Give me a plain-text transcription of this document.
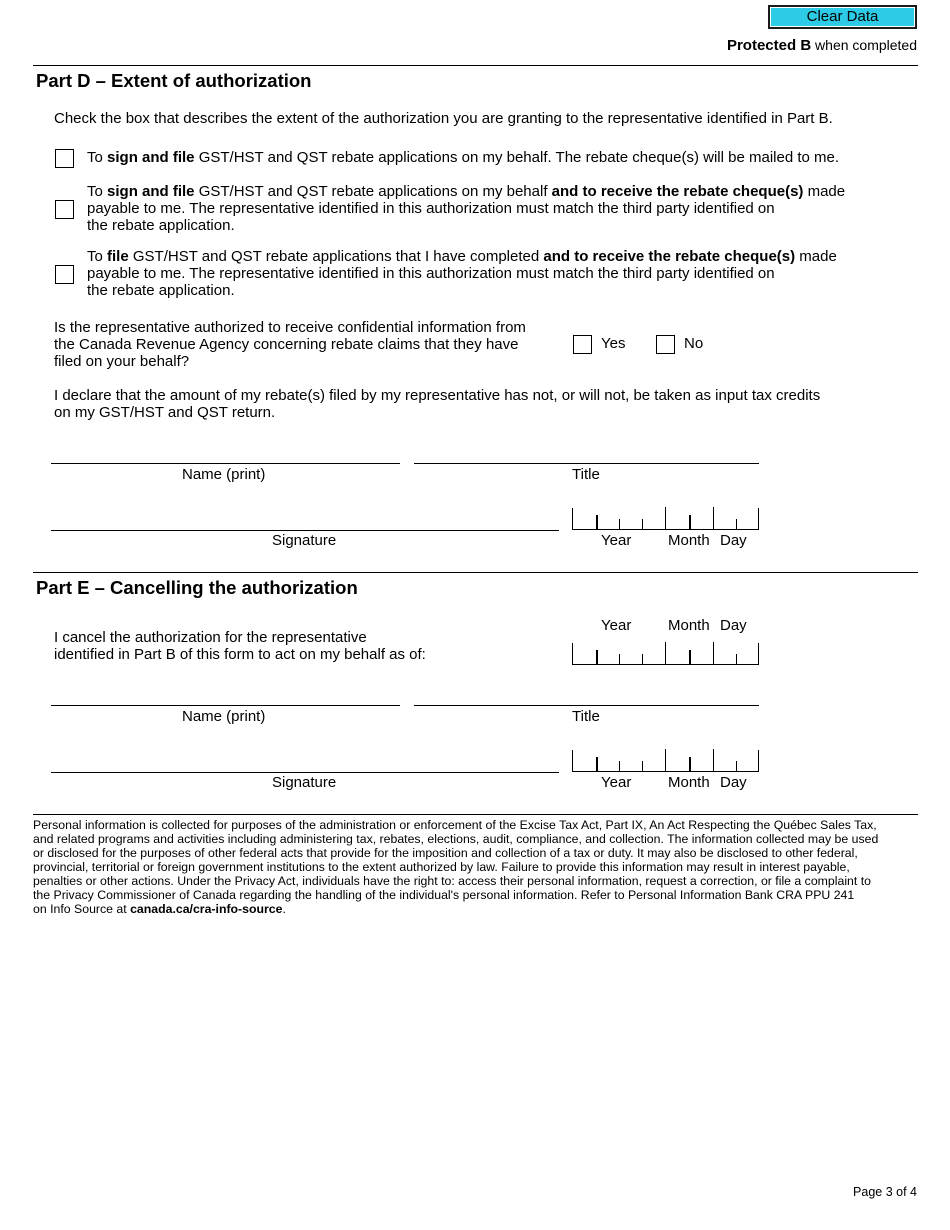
Clear Data
Protected B when completed
Part D – Extent of authorization
Check the box that describes the extent of the authorization you are granting to the representative identified in Part B.
To sign and file GST/HST and QST rebate applications on my behalf. The rebate cheque(s) will be mailed to me.
To sign and file GST/HST and QST rebate applications on my behalf and to receive the rebate cheque(s) made
payable to me. The representative identified in this authorization must match the third party identified on
the rebate application.
To file GST/HST and QST rebate applications that I have completed and to receive the rebate cheque(s) made
payable to me. The representative identified in this authorization must match the third party identified on
the rebate application.
Is the representative authorized to receive confidential information from
the Canada Revenue Agency concerning rebate claims that they have
filed on your behalf?
Yes	No
I declare that the amount of my rebate(s) filed by my representative has not, or will not, be taken as input tax credits
on my GST/HST and QST return.
Name (print)	Title
Signature	Year Month Day
Part E – Cancelling the authorization
I cancel the authorization for the representative
identified in Part B of this form to act on my behalf as of:
Year Month Day
Name (print)	Title
Signature	Year Month Day
Personal information is collected for purposes of the administration or enforcement of the Excise Tax Act, Part IX, An Act Respecting the Québec Sales Tax,
and related programs and activities including administering tax, rebates, elections, audit, compliance, and collection. The information collected may be used
or disclosed for the purposes of other federal acts that provide for the imposition and collection of a tax or duty. It may also be disclosed to other federal,
provincial, territorial or foreign government institutions to the extent authorized by law. Failure to provide this information may result in interest payable,
penalties or other actions. Under the Privacy Act, individuals have the right to: access their personal information, request a correction, or file a complaint to
the Privacy Commissioner of Canada regarding the handling of the individual's personal information. Refer to Personal Information Bank CRA PPU 241
on Info Source at canada.ca/cra-info-source.
Page 3 of 4
